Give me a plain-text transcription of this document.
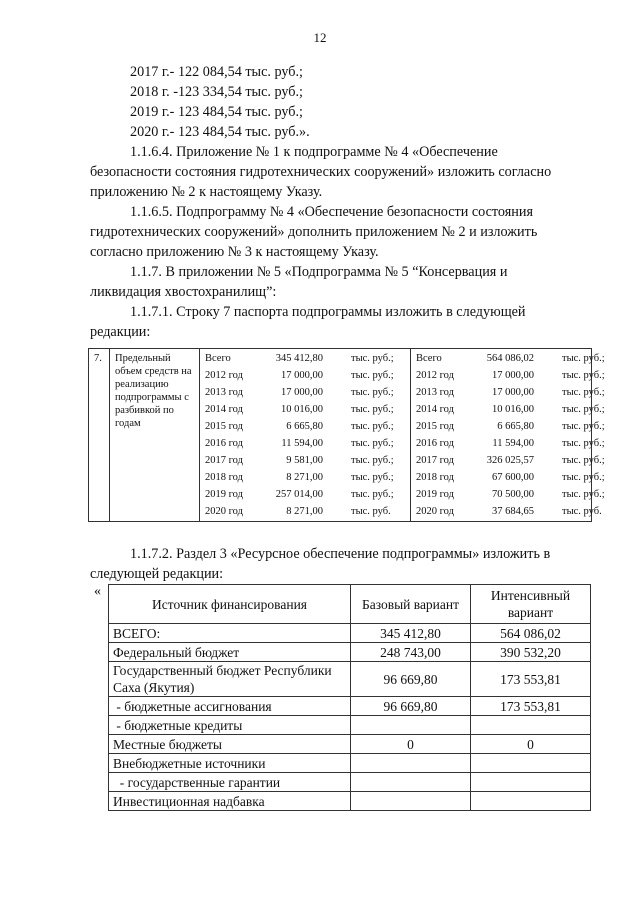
12
2017 г.- 122 084,54 тыс. руб.;
2018 г. -123 334,54 тыс. руб.;
2019 г.- 123 484,54 тыс. руб.;
2020 г.- 123 484,54 тыс. руб.».
1.1.6.4. Приложение № 1 к подпрограмме № 4 «Обеспечение
безопасности состояния гидротехнических сооружений» изложить согласно
приложению № 2 к настоящему Указу.
1.1.6.5. Подпрограмму № 4 «Обеспечение безопасности состояния
гидротехнических сооружений» дополнить приложением № 2 и изложить
согласно приложению № 3 к настоящему Указу.
1.1.7. В приложении № 5 «Подпрограмма № 5 “Консервация и
ликвидация хвостохранилищ”:
1.1.7.1. Строку 7 паспорта подпрограммы изложить в следующей
редакции:
7. Предельный объем средств на реализацию подпрограммы с разбивкой по годам
Всего	345 412,80	тыс. руб.;
2012 год	17 000,00	тыс. руб.;
2013 год	17 000,00	тыс. руб.;
2014 год	10 016,00	тыс. руб.;
2015 год	6 665,80	тыс. руб.;
2016 год	11 594,00	тыс. руб.;
2017 год	9 581,00	тыс. руб.;
2018 год	8 271,00	тыс. руб.;
2019 год	257 014,00	тыс. руб.;
2020 год	8 271,00	тыс. руб.
Всего	564 086,02	тыс. руб.;
2012 год	17 000,00	тыс. руб.;
2013 год	17 000,00	тыс. руб.;
2014 год	10 016,00	тыс. руб.;
2015 год	6 665,80	тыс. руб.;
2016 год	11 594,00	тыс. руб.;
2017 год	326 025,57	тыс. руб.;
2018 год	67 600,00	тыс. руб.;
2019 год	70 500,00	тыс. руб.;
2020 год	37 684,65	тыс. руб.
1.1.7.2. Раздел 3 «Ресурсное обеспечение подпрограммы» изложить в
следующей редакции:
«
Источник финансирования	Базовый вариант	Интенсивный вариант
ВСЕГО:	345 412,80	564 086,02
Федеральный бюджет	248 743,00	390 532,20
Государственный бюджет Республики Саха (Якутия)	96 669,80	173 553,81
- бюджетные ассигнования	96 669,80	173 553,81
- бюджетные кредиты		
Местные бюджеты	0	0
Внебюджетные источники		
- государственные гарантии		
Инвестиционная надбавка		
